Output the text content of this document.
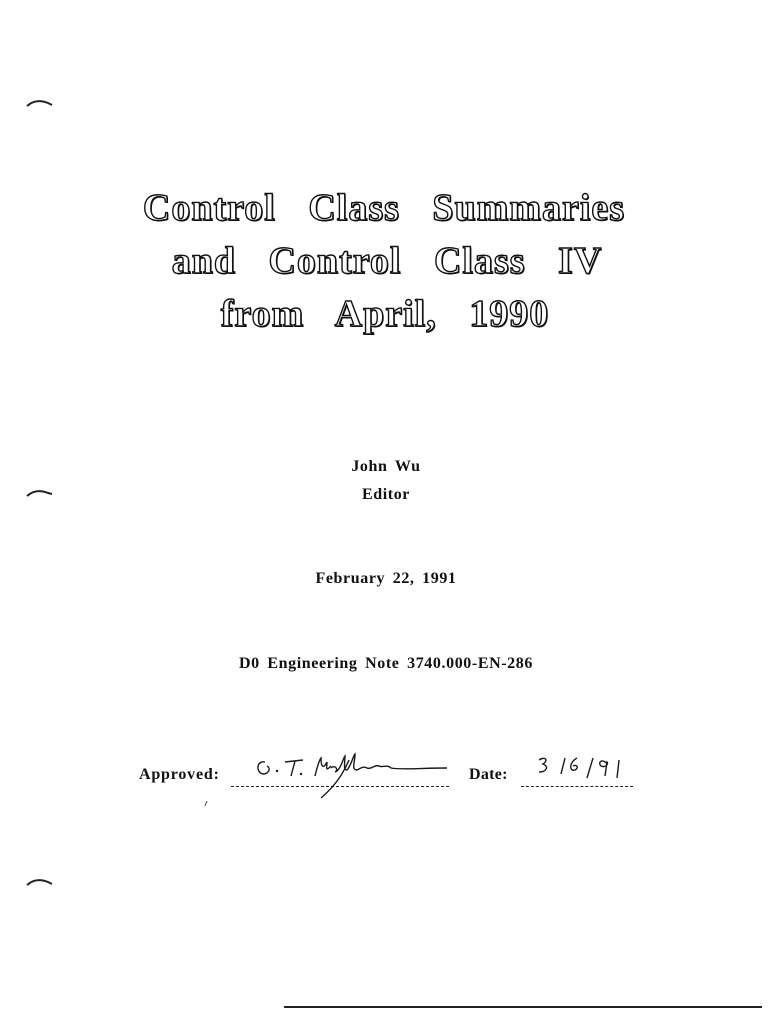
Control Class Summaries
and Control Class IV
from April, 1990

John Wu

Editor

February 22, 1991

D0 Engineering Note 3740.000-EN-286

Approved:	Date:
